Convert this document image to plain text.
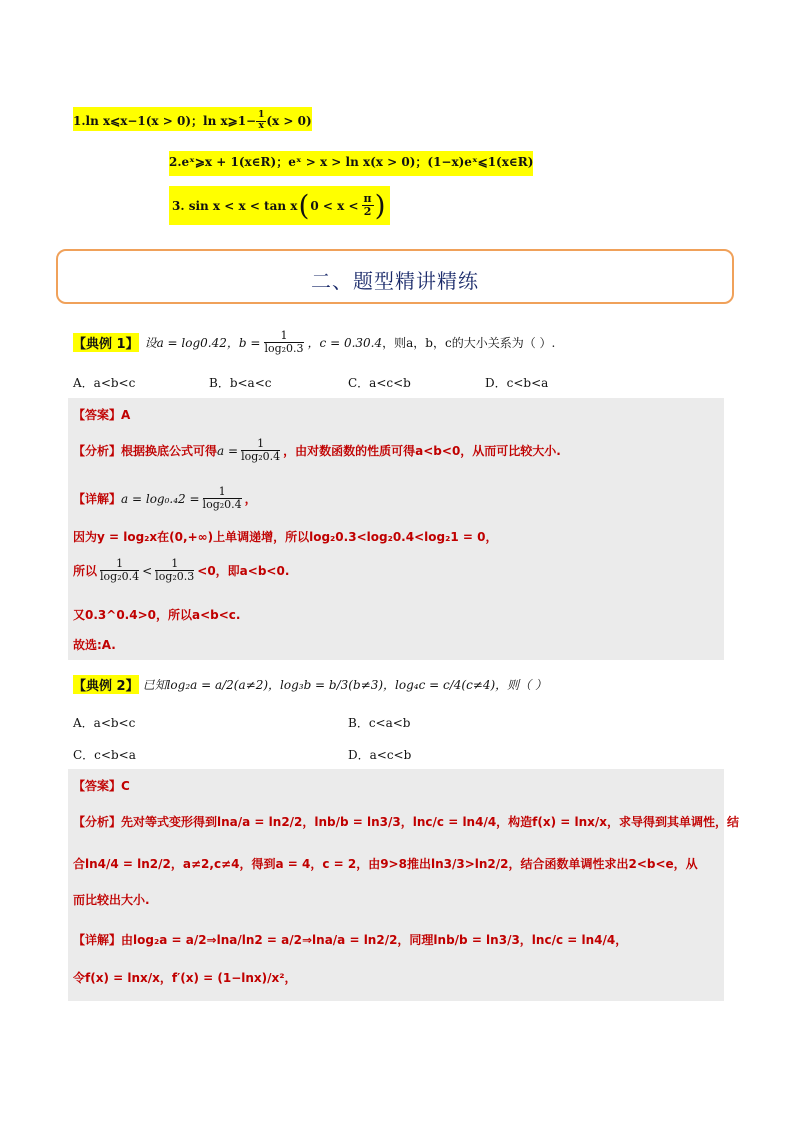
1.ln x⩽x−1(x > 0)；ln x⩾1− $\frac{1}{x} (x > 0)$
2.eˣ⩾x + 1(x∈R)；eˣ > x > ln x(x > 0)；(1−x)eˣ⩽1(x∈R)
3. sin x < x < tan x ( $0 < x < \frac{\pi}{2}$ )
二、题型精讲精练
【典例 1】 设a = log 0.4 2，$b = \frac{1}{\text{log₂0.3}}$ ，c = 0.3 0.4 ，则a，b，c的大小关系为（ ）.
A．a<b<c	B．b<a<c	C．a<c<b	D．c<b<a
【答案】A
【分析】 根据换底公式可得 $a = \frac{1}{\text{log₂0.4}}$ ，由对数函数的性质可得a<b<0，从而可比较大小.
【详解】 $a = \log_0._42 = \frac{1}{\text{log₂0.4}}$ ，
因为y = log₂x在(0,+∞)上单调递增，所以log₂0.3<log₂0.4<log₂1 = 0，
所以 $\frac{1}{\text{log₂0.4}} < \frac{1}{\text{log₂0.3}} <0$，即a<b<0.
又0.3^0.4>0，所以a<b<c.
故选:A.
【典例 2】 已知log₂a = a/2(a≠2)，log₃b = b/3(b≠3)，log₄c = c/4(c≠4)，则（ ）
A．a<b<c	B．c<a<b
C．c<b<a	D．a<c<b
【答案】C
【分析】先对等式变形得到lna/a = ln2/2，lnb/b = ln3/3，lnc/c = ln4/4，构造f(x) = lnx/x，求导得到其单调性，结
合ln4/4 = ln2/2，a≠2,c≠4，得到a = 4，c = 2，由9>8推出ln3/3>ln2/2，结合函数单调性求出2<b<e，从
而比较出大小.
【详解】由log₂a = a/2⇒lna/ln2 = a/2⇒lna/a = ln2/2，同理lnb/b = ln3/3，lnc/c = ln4/4，
令f(x) = lnx/x，f′(x) = (1−lnx)/x²，
